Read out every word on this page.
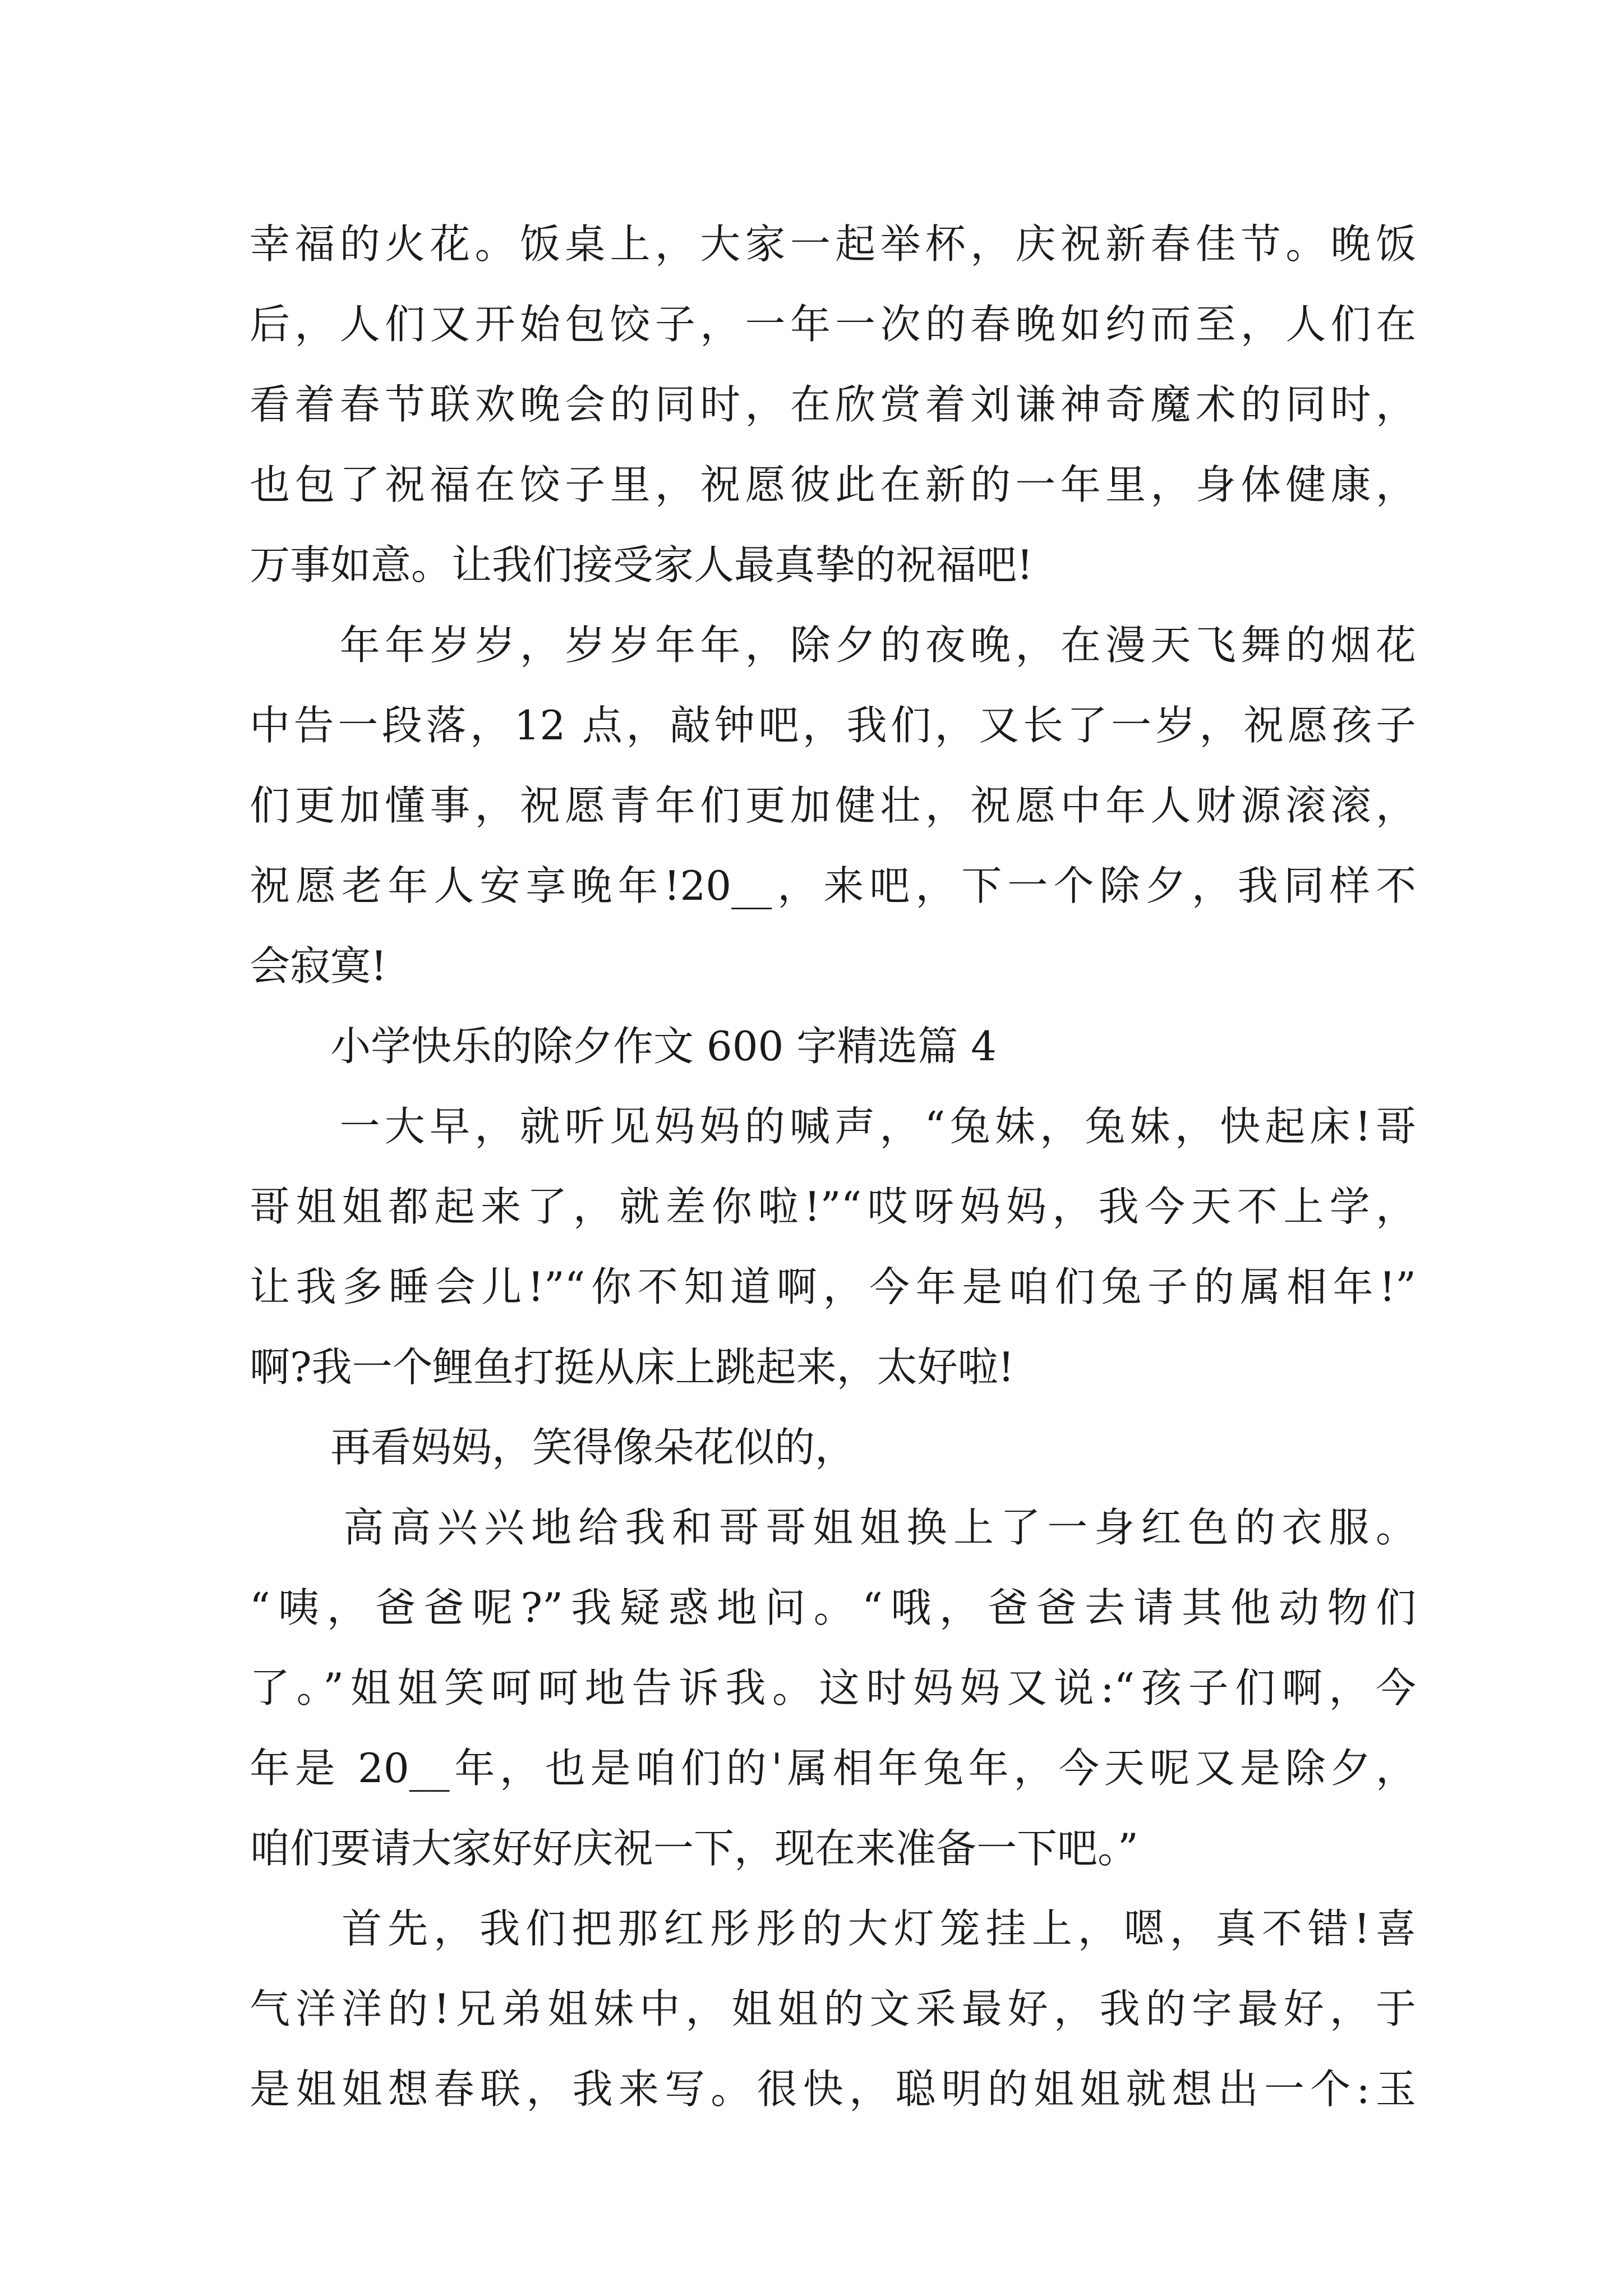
幸福的火花。饭桌上，大家一起举杯，庆祝新春佳节。晚饭
后，人们又开始包饺子，一年一次的春晚如约而至，人们在
看着春节联欢晚会的同时，在欣赏着刘谦神奇魔术的同时，
也包了祝福在饺子里，祝愿彼此在新的一年里，身体健康，
万事如意。让我们接受家人最真挚的祝福吧!
　　年年岁岁，岁岁年年，除夕的夜晚，在漫天飞舞的烟花
中告一段落，12 点，敲钟吧，我们，又长了一岁，祝愿孩子
们更加懂事，祝愿青年们更加健壮，祝愿中年人财源滚滚，
祝愿老年人安享晚年!20__，来吧，下一个除夕，我同样不
会寂寞!
　　小学快乐的除夕作文 600 字精选篇 4
　　一大早，就听见妈妈的喊声，“兔妹，兔妹，快起床!哥
哥姐姐都起来了，就差你啦!”“哎呀妈妈，我今天不上学，
让我多睡会儿!”“你不知道啊，今年是咱们兔子的属相年!”
啊?我一个鲤鱼打挺从床上跳起来，太好啦!
　　再看妈妈，笑得像朵花似的，
　　高高兴兴地给我和哥哥姐姐换上了一身红色的衣服。
“咦，爸爸呢?”我疑惑地问。“哦，爸爸去请其他动物们
了。”姐姐笑呵呵地告诉我。这时妈妈又说:“孩子们啊，今
年是 20__年，也是咱们的'属相年兔年，今天呢又是除夕，
咱们要请大家好好庆祝一下，现在来准备一下吧。”
　　首先，我们把那红彤彤的大灯笼挂上，嗯，真不错!喜
气洋洋的!兄弟姐妹中，姐姐的文采最好，我的字最好，于
是姐姐想春联，我来写。很快，聪明的姐姐就想出一个:玉
